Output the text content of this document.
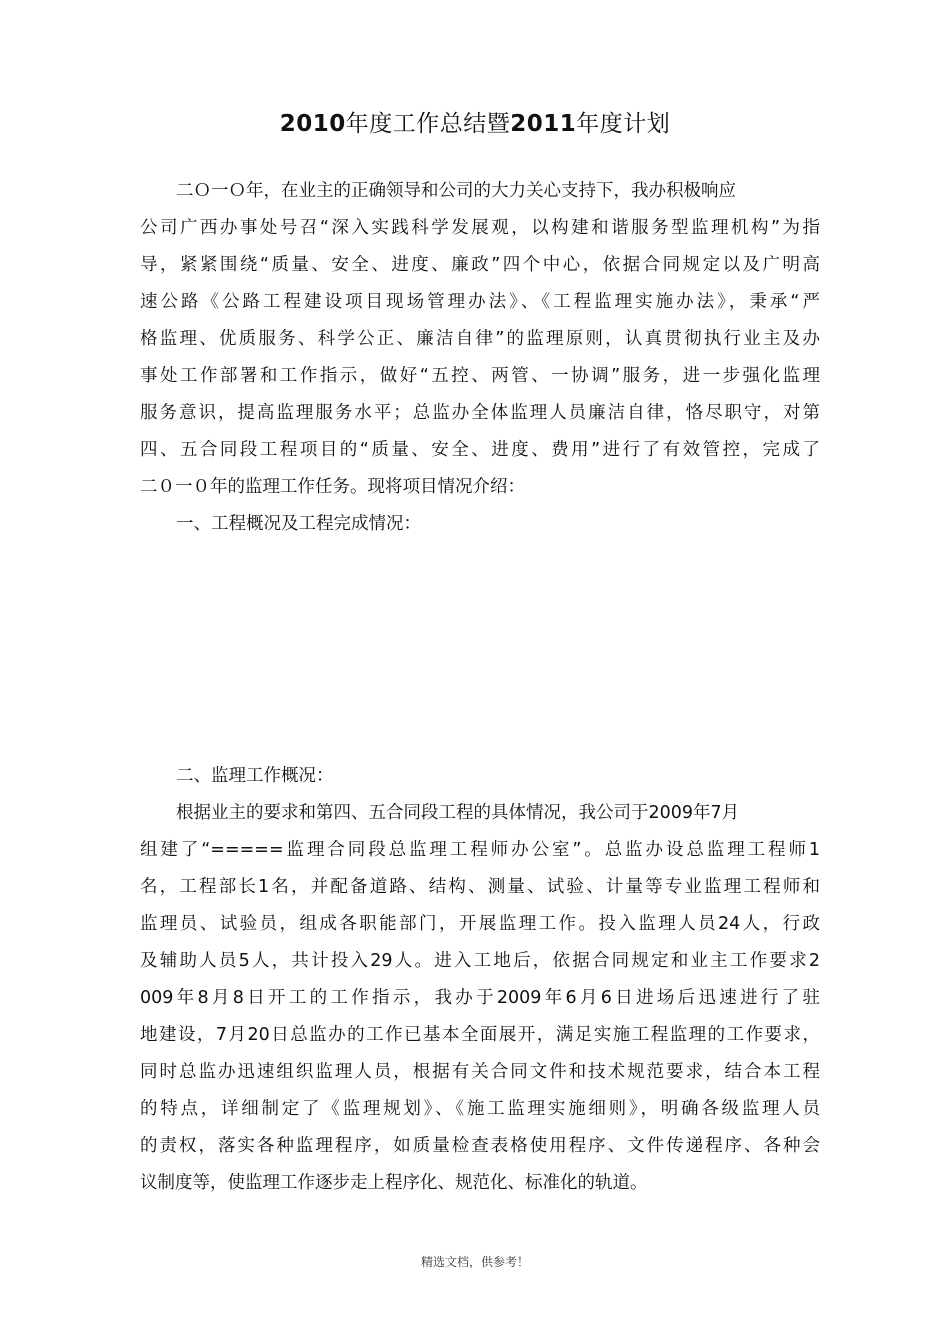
2010年度工作总结暨2011年度计划
二Ｏ一Ｏ年，在业主的正确领导和公司的大力关心支持下，我办积极响应
公司广西办事处号召“深入实践科学发展观，以构建和谐服务型监理机构”为指
导，紧紧围绕“质量、安全、进度、廉政”四个中心，依据合同规定以及广明高
速公路《公路工程建设项目现场管理办法》、《工程监理实施办法》，秉承“严
格监理、优质服务、科学公正、廉洁自律”的监理原则，认真贯彻执行业主及办
事处工作部署和工作指示，做好“五控、两管、一协调”服务，进一步强化监理
服务意识，提高监理服务水平；总监办全体监理人员廉洁自律，恪尽职守，对第
四、五合同段工程项目的“质量、安全、进度、费用”进行了有效管控，完成了
二０一０年的监理工作任务。现将项目情况介绍：
一、工程概况及工程完成情况：
二、监理工作概况：
根据业主的要求和第四、五合同段工程的具体情况，我公司于2009年7月
组建了“=====监理合同段总监理工程师办公室”。总监办设总监理工程师1
名，工程部长1名，并配备道路、结构、测量、试验、计量等专业监理工程师和
监理员、试验员，组成各职能部门，开展监理工作。投入监理人员24人，行政
及辅助人员5人，共计投入29人。进入工地后，依据合同规定和业主工作要求2
009年8月8日开工的工作指示，我办于2009年6月6日进场后迅速进行了驻
地建设，7月20日总监办的工作已基本全面展开，满足实施工程监理的工作要求，
同时总监办迅速组织监理人员，根据有关合同文件和技术规范要求，结合本工程
的特点，详细制定了《监理规划》、《施工监理实施细则》，明确各级监理人员
的责权，落实各种监理程序，如质量检查表格使用程序、文件传递程序、各种会
议制度等，使监理工作逐步走上程序化、规范化、标准化的轨道。
精选文档，供参考！
